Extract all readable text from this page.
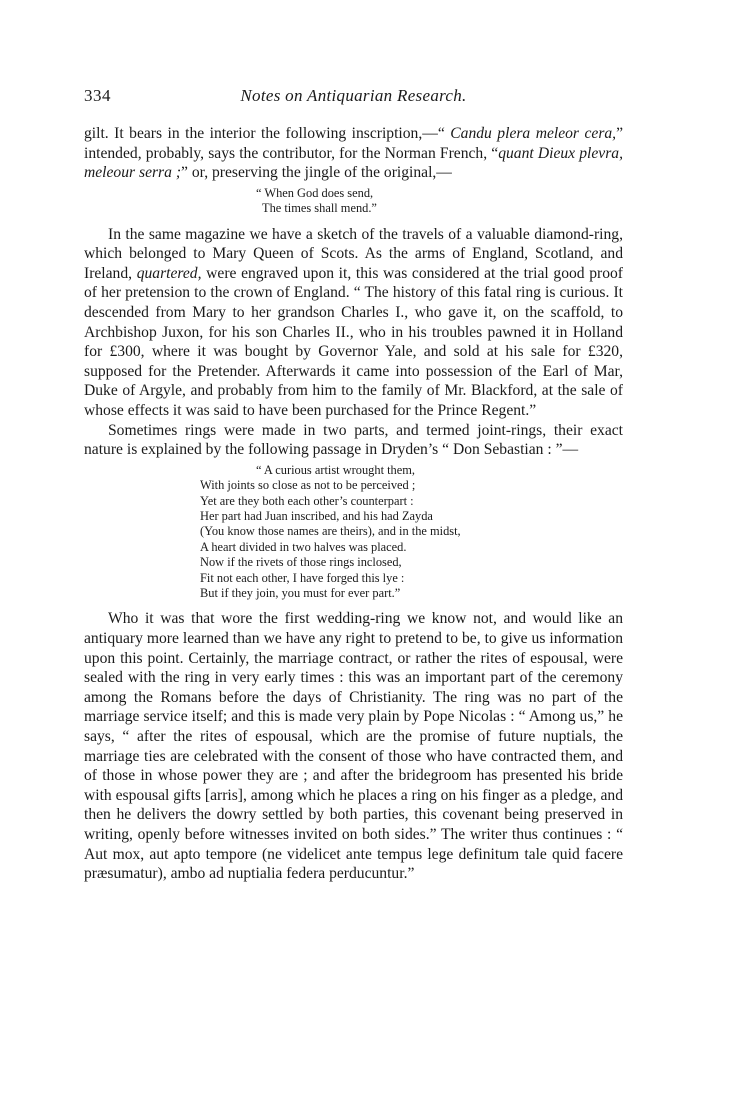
334	Notes on Antiquarian Research.

gilt. It bears in the interior the following inscription,—“ Candu plera meleor cera,” intended, probably, says the contributor, for the Norman French, “quant Dieux plevra, meleour serra ;” or, preserving the jingle of the original,—

“ When God does send,
The times shall mend.”

In the same magazine we have a sketch of the travels of a valuable diamond-ring, which belonged to Mary Queen of Scots. As the arms of England, Scotland, and Ireland, quartered, were engraved upon it, this was considered at the trial good proof of her pretension to the crown of England. “ The history of this fatal ring is curious. It descended from Mary to her grandson Charles I., who gave it, on the scaffold, to Archbishop Juxon, for his son Charles II., who in his troubles pawned it in Holland for £300, where it was bought by Governor Yale, and sold at his sale for £320, supposed for the Pretender. Afterwards it came into possession of the Earl of Mar, Duke of Argyle, and probably from him to the family of Mr. Blackford, at the sale of whose effects it was said to have been purchased for the Prince Regent.”

Sometimes rings were made in two parts, and termed joint-rings, their exact nature is explained by the following passage in Dryden’s “ Don Sebastian : ”—

“ A curious artist wrought them,
With joints so close as not to be perceived ;
Yet are they both each other’s counterpart :
Her part had Juan inscribed, and his had Zayda
(You know those names are theirs), and in the midst,
A heart divided in two halves was placed.
Now if the rivets of those rings inclosed,
Fit not each other, I have forged this lye :
But if they join, you must for ever part.”

Who it was that wore the first wedding-ring we know not, and would like an antiquary more learned than we have any right to pretend to be, to give us information upon this point. Certainly, the marriage contract, or rather the rites of espousal, were sealed with the ring in very early times : this was an important part of the ceremony among the Romans before the days of Christianity. The ring was no part of the marriage service itself; and this is made very plain by Pope Nicolas : “ Among us,” he says, “ after the rites of espousal, which are the promise of future nuptials, the marriage ties are celebrated with the consent of those who have contracted them, and of those in whose power they are ; and after the bridegroom has presented his bride with espousal gifts [arris], among which he places a ring on his finger as a pledge, and then he delivers the dowry settled by both parties, this covenant being preserved in writing, openly before witnesses invited on both sides.” The writer thus continues : “ Aut mox, aut apto tempore (ne videlicet ante tempus lege definitum tale quid facere præsumatur), ambo ad nuptialia federa perducuntur.”
